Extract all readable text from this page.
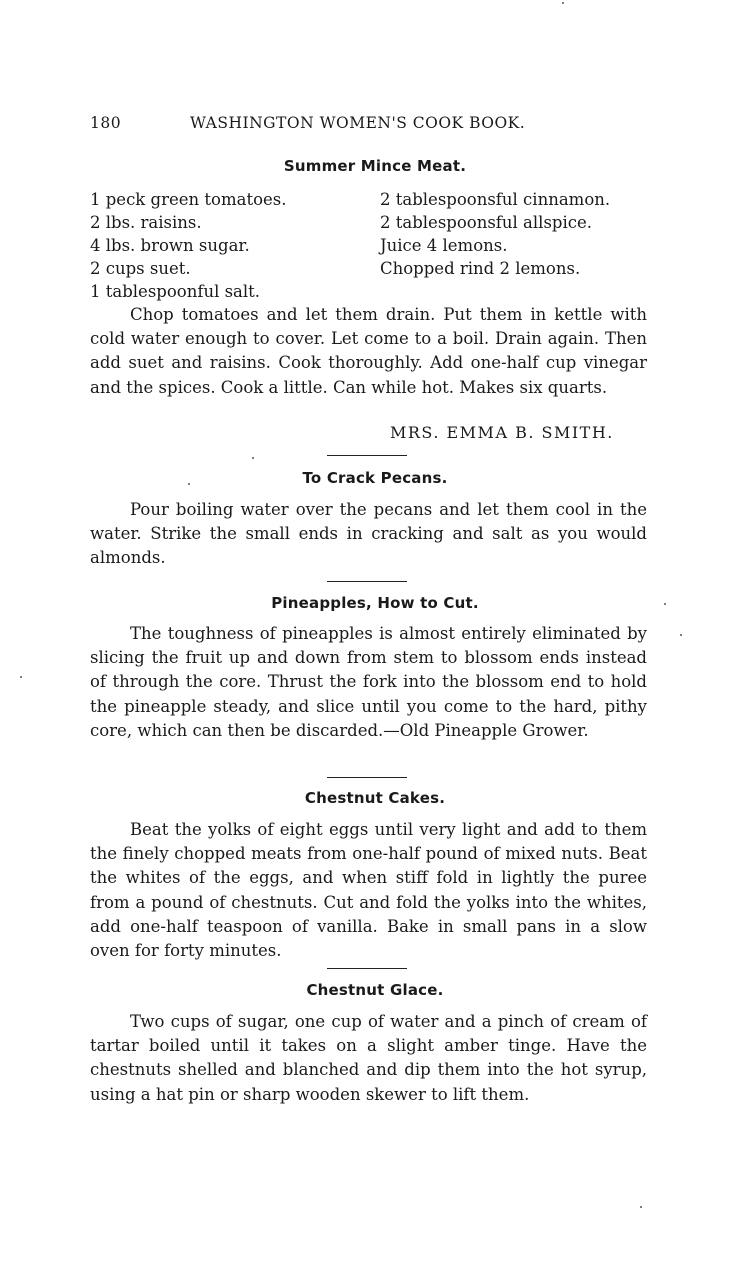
180	WASHINGTON WOMEN'S COOK BOOK.
Summer Mince Meat.
1 peck green tomatoes.
2 lbs. raisins.
4 lbs. brown sugar.
2 cups suet.
1 tablespoonful salt.
2 tablespoonsful cinnamon.
2 tablespoonsful allspice.
Juice 4 lemons.
Chopped rind 2 lemons.
Chop tomatoes and let them drain. Put them in kettle with cold water enough to cover. Let come to a boil. Drain again. Then add suet and raisins. Cook thoroughly. Add one-half cup vinegar and the spices. Cook a little. Can while hot. Makes six quarts.
MRS. EMMA B. SMITH.
To Crack Pecans.
Pour boiling water over the pecans and let them cool in the water. Strike the small ends in cracking and salt as you would almonds.
Pineapples, How to Cut.
The toughness of pineapples is almost entirely eliminated by slicing the fruit up and down from stem to blossom ends instead of through the core. Thrust the fork into the blossom end to hold the pineapple steady, and slice until you come to the hard, pithy core, which can then be discarded.—Old Pineapple Grower.
Chestnut Cakes.
Beat the yolks of eight eggs until very light and add to them the finely chopped meats from one-half pound of mixed nuts. Beat the whites of the eggs, and when stiff fold in lightly the puree from a pound of chestnuts. Cut and fold the yolks into the whites, add one-half teaspoon of vanilla. Bake in small pans in a slow oven for forty minutes.
Chestnut Glace.
Two cups of sugar, one cup of water and a pinch of cream of tartar boiled until it takes on a slight amber tinge. Have the chestnuts shelled and blanched and dip them into the hot syrup, using a hat pin or sharp wooden skewer to lift them.
